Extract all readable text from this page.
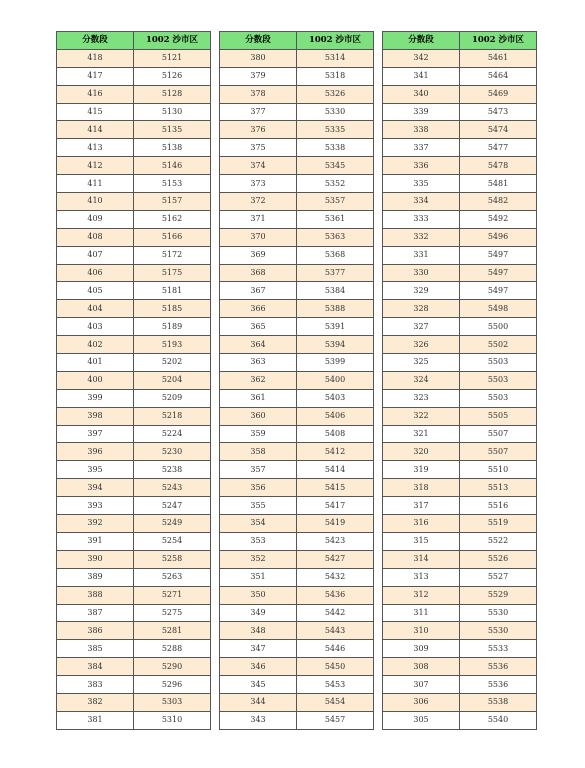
分数段	1002 沙市区
418	5121
417	5126
416	5128
415	5130
414	5135
413	5138
412	5146
411	5153
410	5157
409	5162
408	5166
407	5172
406	5175
405	5181
404	5185
403	5189
402	5193
401	5202
400	5204
399	5209
398	5218
397	5224
396	5230
395	5238
394	5243
393	5247
392	5249
391	5254
390	5258
389	5263
388	5271
387	5275
386	5281
385	5288
384	5290
383	5296
382	5303
381	5310
分数段	1002 沙市区
380	5314
379	5318
378	5326
377	5330
376	5335
375	5338
374	5345
373	5352
372	5357
371	5361
370	5363
369	5368
368	5377
367	5384
366	5388
365	5391
364	5394
363	5399
362	5400
361	5403
360	5406
359	5408
358	5412
357	5414
356	5415
355	5417
354	5419
353	5423
352	5427
351	5432
350	5436
349	5442
348	5443
347	5446
346	5450
345	5453
344	5454
343	5457
分数段	1002 沙市区
342	5461
341	5464
340	5469
339	5473
338	5474
337	5477
336	5478
335	5481
334	5482
333	5492
332	5496
331	5497
330	5497
329	5497
328	5498
327	5500
326	5502
325	5503
324	5503
323	5503
322	5505
321	5507
320	5507
319	5510
318	5513
317	5516
316	5519
315	5522
314	5526
313	5527
312	5529
311	5530
310	5530
309	5533
308	5536
307	5536
306	5538
305	5540
